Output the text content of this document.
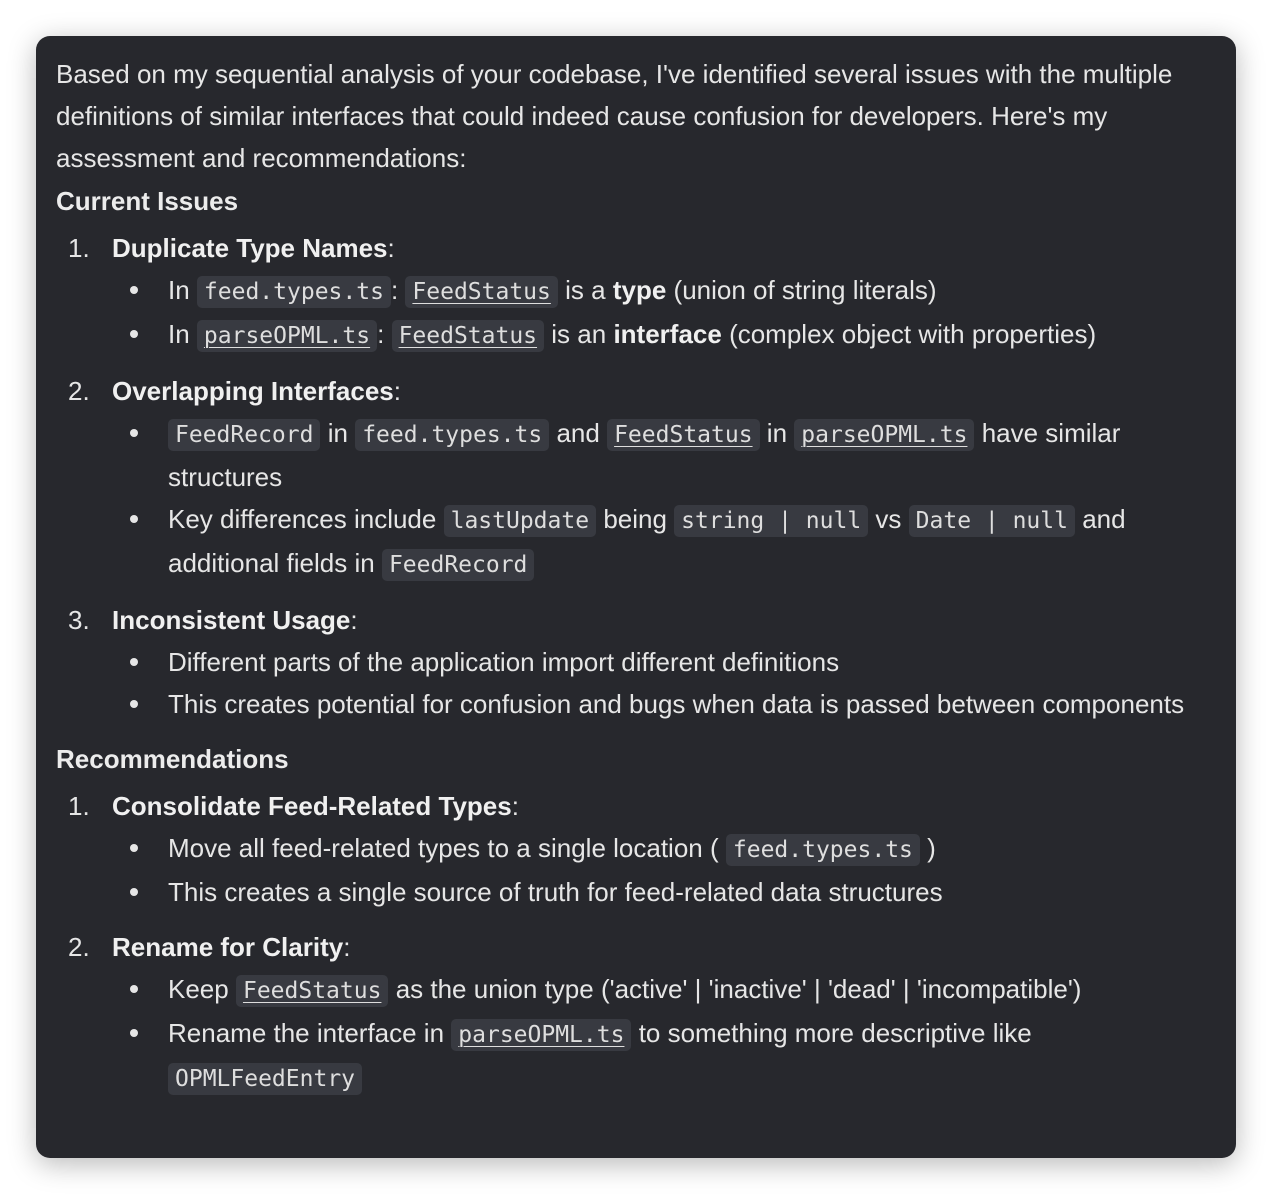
Based on my sequential analysis of your codebase, I've identified several issues with the multiple definitions of similar interfaces that could indeed cause confusion for developers. Here's my assessment and recommendations:

Current Issues
1. Duplicate Type Names:
In feed.types.ts : FeedStatus is a type (union of string literals)
In parseOPML.ts : FeedStatus is an interface (complex object with properties)
2. Overlapping Interfaces:
FeedRecord in feed.types.ts and FeedStatus in parseOPML.ts have similar structures
Key differences include lastUpdate being string | null vs Date | null and additional fields in FeedRecord
3. Inconsistent Usage:
Different parts of the application import different definitions
This creates potential for confusion and bugs when data is passed between components
Recommendations
1. Consolidate Feed-Related Types:
Move all feed-related types to a single location ( feed.types.ts )
This creates a single source of truth for feed-related data structures
2. Rename for Clarity:
Keep FeedStatus as the union type ('active' | 'inactive' | 'dead' | 'incompatible')
Rename the interface in parseOPML.ts to something more descriptive like OPMLFeedEntry
